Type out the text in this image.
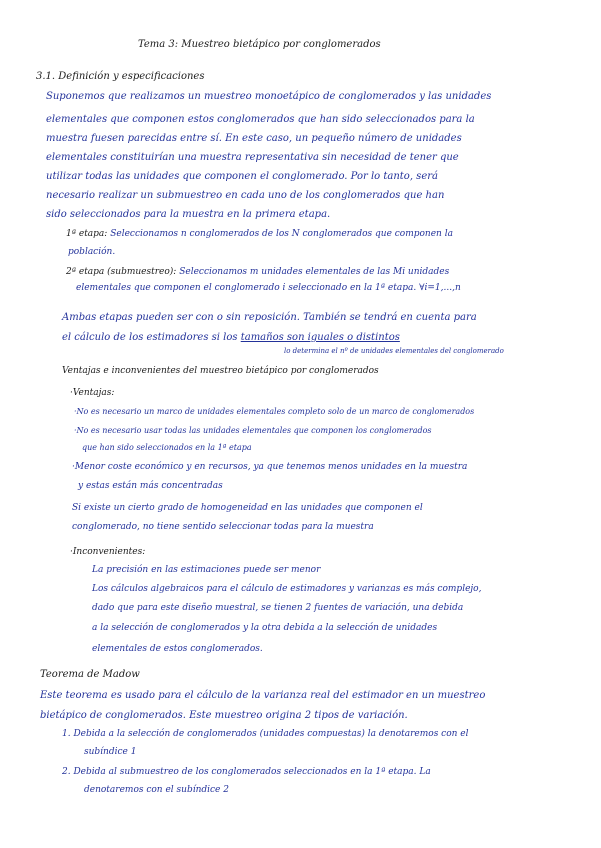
Tema 3: Muestreo bietápico por conglomerados
3.1. Definición y especificaciones
Suponemos que realizamos un muestreo monoetápico de conglomerados y las unidades
elementales que componen estos conglomerados que han sido seleccionados para la
muestra fuesen parecidas entre sí. En este caso, un pequeño número de unidades
elementales constituirían una muestra representativa sin necesidad de tener que
utilizar todas las unidades que componen el conglomerado. Por lo tanto, será
necesario realizar un submuestreo en cada uno de los conglomerados que han
sido seleccionados para la muestra en la primera etapa.
1ª etapa: Seleccionamos n conglomerados de los N conglomerados que componen la
población.
2ª etapa (submuestreo): Seleccionamos m unidades elementales de las Mi unidades
elementales que componen el conglomerado i seleccionado en la 1ª etapa. ∀i=1,...,n
Ambas etapas pueden ser con o sin reposición. También se tendrá en cuenta para
el cálculo de los estimadores si los tamaños son iguales o distintos
lo determina el nº de unidades elementales del conglomerado
Ventajas e inconvenientes del muestreo bietápico por conglomerados
·Ventajas:
·No es necesario un marco de unidades elementales completo solo de un marco de conglomerados
·No es necesario usar todas las unidades elementales que componen los conglomerados
que han sido seleccionados en la 1ª etapa
·Menor coste económico y en recursos, ya que tenemos menos unidades en la muestra
y estas están más concentradas
Si existe un cierto grado de homogeneidad en las unidades que componen el
conglomerado, no tiene sentido seleccionar todas para la muestra
·Inconvenientes:
La precisión en las estimaciones puede ser menor
Los cálculos algebraicos para el cálculo de estimadores y varianzas es más complejo,
dado que para este diseño muestral, se tienen 2 fuentes de variación, una debida
a la selección de conglomerados y la otra debida a la selección de unidades
elementales de estos conglomerados.
Teorema de Madow
Este teorema es usado para el cálculo de la varianza real del estimador en un muestreo
bietápico de conglomerados. Este muestreo origina 2 tipos de variación.
1. Debida a la selección de conglomerados (unidades compuestas) la denotaremos con el
subíndice 1
2. Debida al submuestreo de los conglomerados seleccionados en la 1ª etapa. La
denotaremos con el subíndice 2
